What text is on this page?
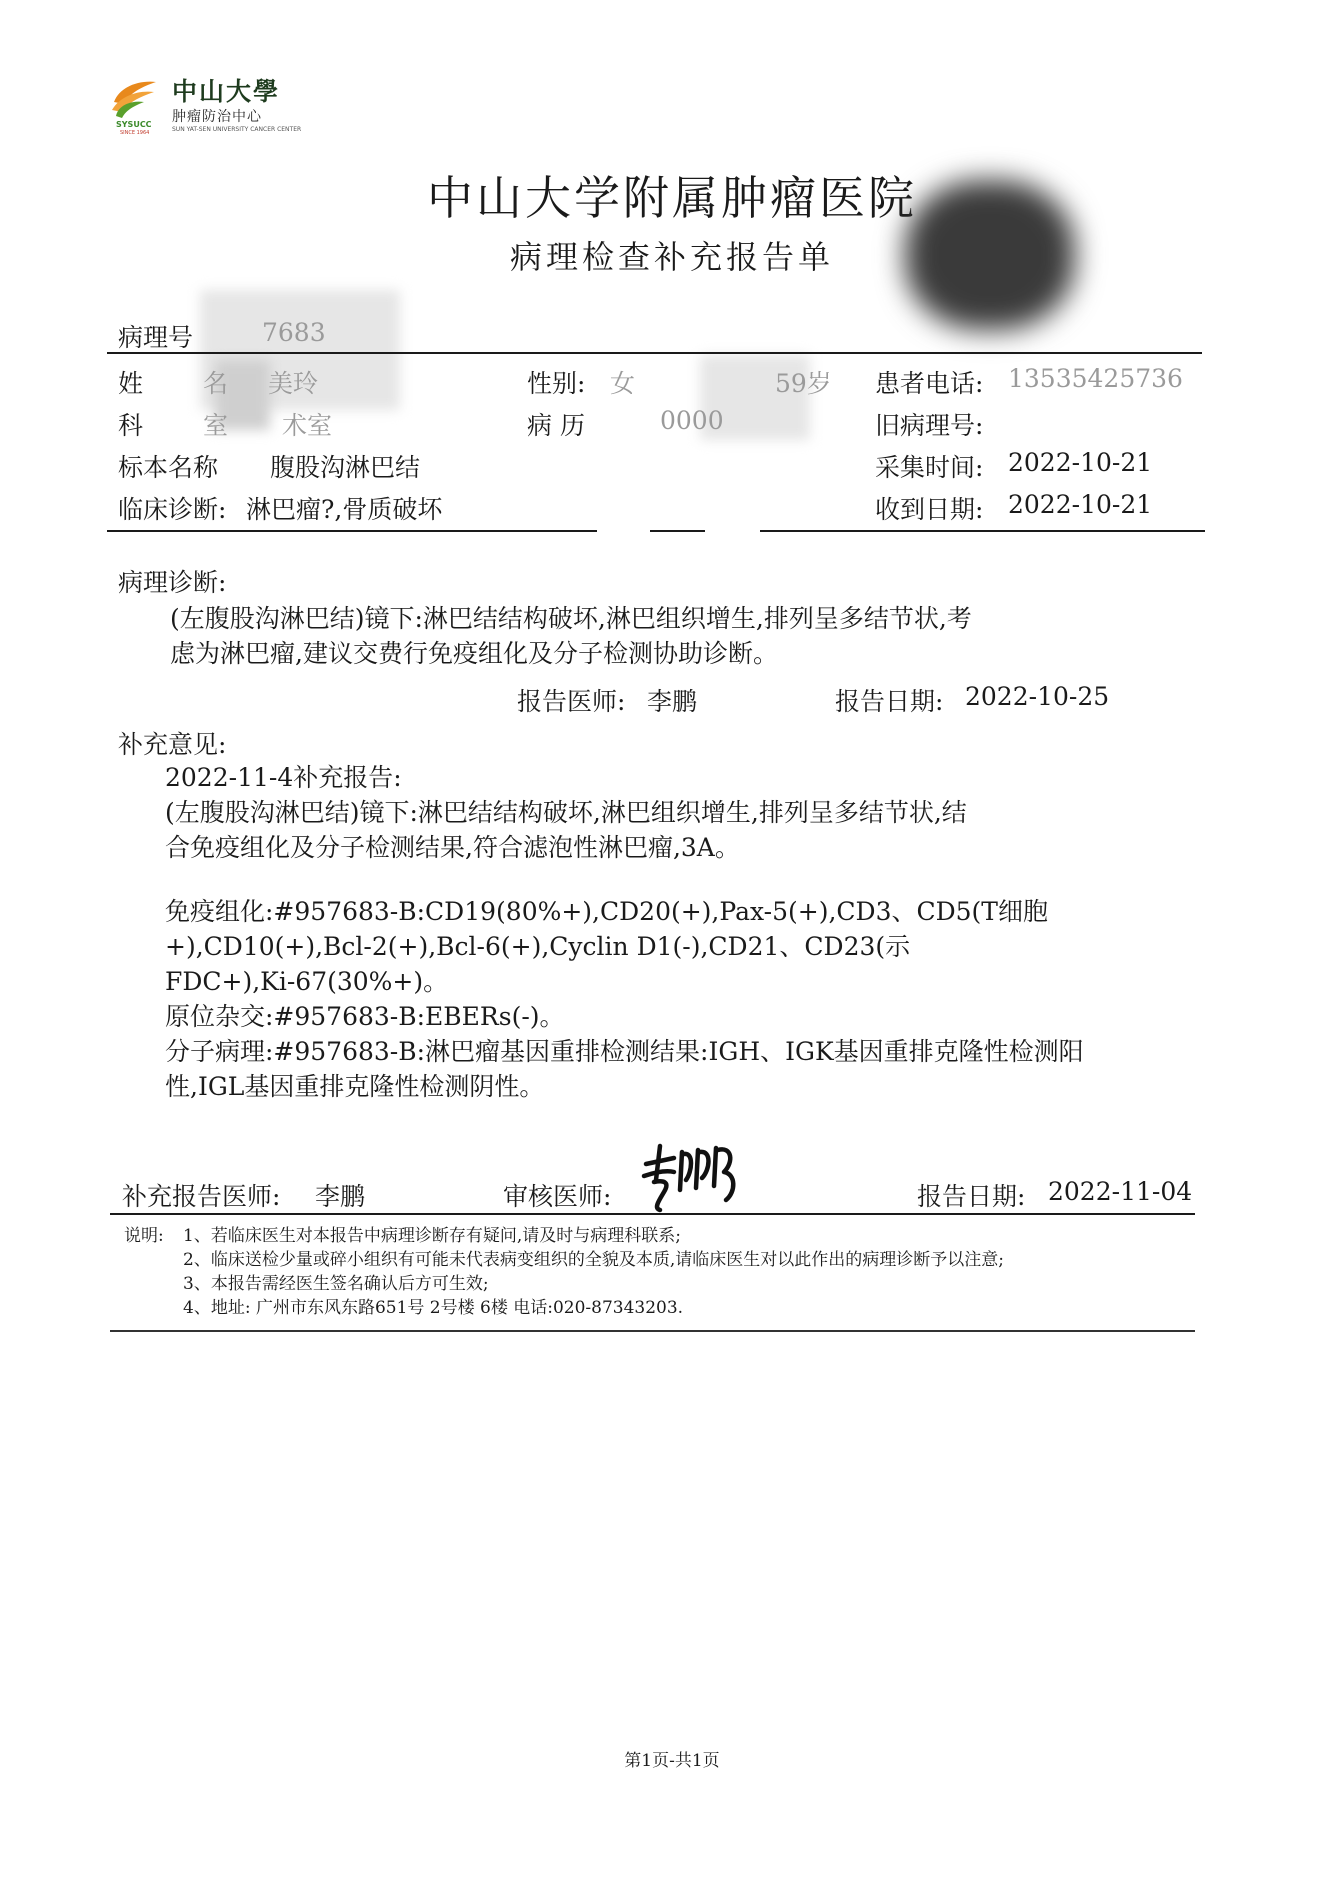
SYSUCC
SINCE 1964
中山大學
肿瘤防治中心
SUN YAT-SEN UNIVERSITY CANCER CENTER
中山大学附属肿瘤医院
病理检查补充报告单
病理号	7683
姓 名 美玲	性别: 女	59岁 患者电话: 13535425736
科 室 术室	病 历	0000	旧病理号:
标本名称 腹股沟淋巴结	采集时间: 2022-10-21
临床诊断: 淋巴瘤?,骨质破坏	收到日期: 2022-10-21
病理诊断:
(左腹股沟淋巴结)镜下:淋巴结结构破坏,淋巴组织增生,排列呈多结节状,考
虑为淋巴瘤,建议交费行免疫组化及分子检测协助诊断。
报告医师: 李鹏	报告日期: 2022-10-25
补充意见:
2022-11-4补充报告:
(左腹股沟淋巴结)镜下:淋巴结结构破坏,淋巴组织增生,排列呈多结节状,结
合免疫组化及分子检测结果,符合滤泡性淋巴瘤,3A。
免疫组化:#957683-B:CD19(80%+),CD20(+),Pax-5(+),CD3、CD5(T细胞
+),CD10(+),Bcl-2(+),Bcl-6(+),Cyclin D1(-),CD21、CD23(示
FDC+),Ki-67(30%+)。
原位杂交:#957683-B:EBERs(-)。
分子病理:#957683-B:淋巴瘤基因重排检测结果:IGH、IGK基因重排克隆性检测阳
性,IGL基因重排克隆性检测阴性。
补充报告医师: 李鹏	审核医师:	报告日期: 2022-11-04
说明: 1、若临床医生对本报告中病理诊断存有疑问,请及时与病理科联系;
2、临床送检少量或碎小组织有可能未代表病变组织的全貌及本质,请临床医生对以此作出的病理诊断予以注意;
3、本报告需经医生签名确认后方可生效;
4、地址: 广州市东风东路651号 2号楼 6楼 电话:020-87343203.
第1页-共1页
